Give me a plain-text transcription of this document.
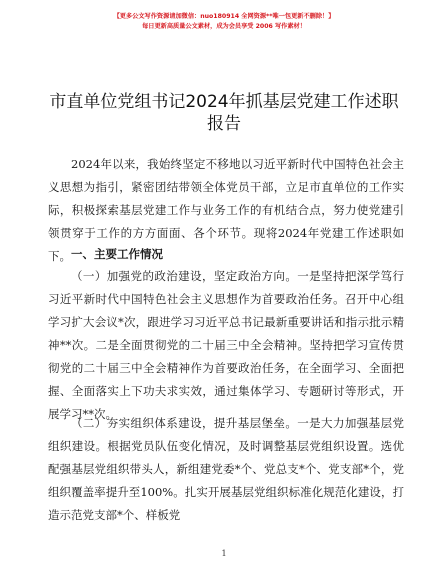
【更多公文写作资源请加微信：nuo180914 全网资源**唯一包更新不删除！】
每日更新高质量公文素材，成为会员享受 2006 写作素材！
市直单位党组书记2024年抓基层党建工作述职
报告

2024年以来，我始终坚定不移地以习近平新时代中国特色社会主义思想为指引，紧密团结带领全体党员干部，立足市直单位的工作实际，积极探索基层党建工作与业务工作的有机结合点，努力使党建引领贯穿于工作的方方面面、各个环节。现将2024年党建工作述职如下。 一、主要工作情况

（一）加强党的政治建设，坚定政治方向。一是坚持把深学笃行习近平新时代中国特色社会主义思想作为首要政治任务。召开中心组学习扩大会议*次，跟进学习习近平总书记最新重要讲话和指示批示精神**次。二是全面贯彻党的二十届三中全会精神。坚持把学习宣传贯彻党的二十届三中全会精神作为首要政治任务，在全面学习、全面把握、全面落实上下功夫求实效，通过集体学习、专题研讨等形式，开展学习**次。

（二）夯实组织体系建设，提升基层堡垒。一是大力加强基层党组织建设。根据党员队伍变化情况，及时调整基层党组织设置。选优配强基层党组织带头人，新组建党委*个、党总支*个、党支部*个，党组织覆盖率提升至100%。扎实开展基层党组织标准化规范化建设，打造示范党支部*个、样板党

1
